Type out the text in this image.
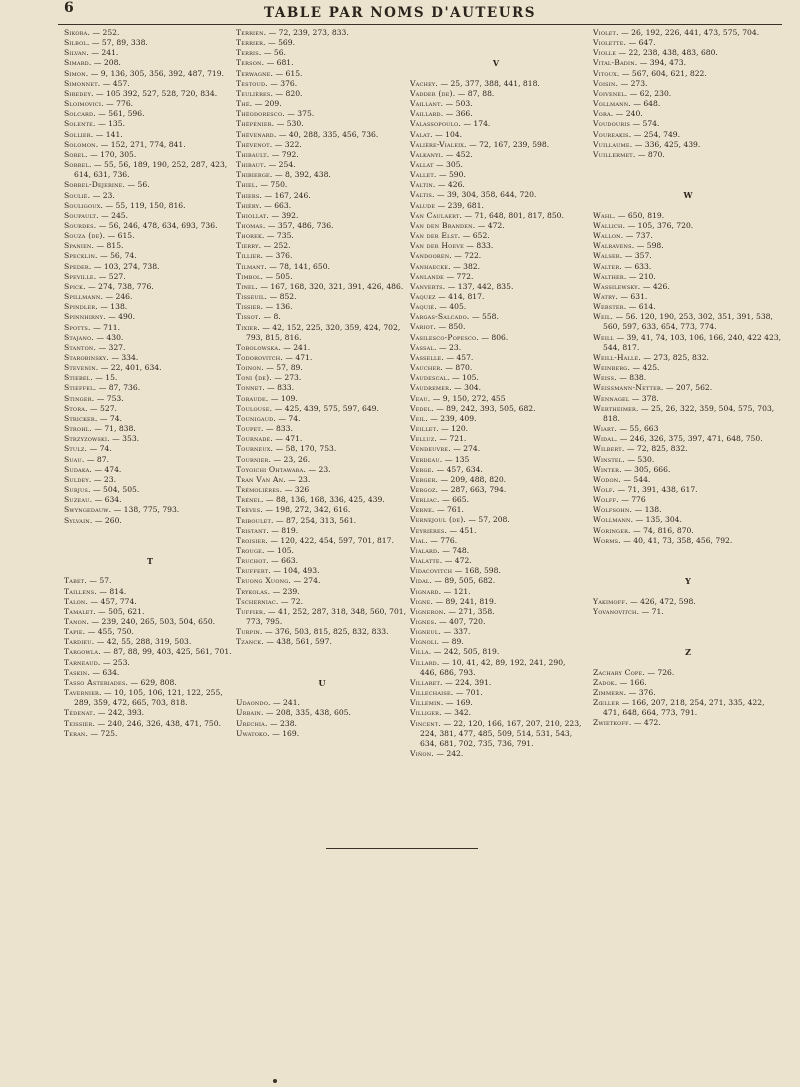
6	TABLE PAR NOMS D'AUTEURS
Sikora. — 252.
Silbol. — 57, 89, 338.
Silvan. — 241.
Simard. — 208.
Simon. — 9, 136, 305, 356, 392, 487, 719.
Simonnet. — 457.
Siredey. — 105 392, 527, 528, 720, 834.
Sloimovici. — 776.
Solcard. — 561, 596.
Solente. — 135.
Sollier. — 141.
Solomon. — 152, 271, 774, 841.
Sorel. — 170, 305.
Sorrel. — 55, 56, 189, 190, 252, 287, 423, 614, 631, 736.
Sorrel-Dejerine. — 56.
Soulié. — 23.
Souligoux. — 55, 119, 150, 816.
Soupault. — 245.
Sourdes. — 56, 246, 478, 634, 693, 736.
Souza (de). — 615.
Spanien. — 815.
Specklin. — 56, 74.
Speder. — 103, 274, 738.
Speville. — 527.
Spick. — 274, 738, 776.
Spillmann. — 246.
Spindler. — 138.
Spinnhirny. — 490.
Spotts. — 711.
Stajano. — 430.
Stanton. — 327.
Starobinsky. — 334.
Stevenin. — 22, 401, 634.
Stiebel. — 15.
Stieffel. — 87, 736.
Stinger. — 753.
Stora. — 527.
Stricker. — 74.
Strohl. — 71, 838.
Strzyzowski. — 353.
Stulz. — 74.
Suau. — 87.
Sudaka. — 474.
Suldey. — 23.
Surjus. — 504, 505.
Suzeau. — 634.
Swyngedauw. — 138, 775, 793.
Sylvain. — 260.
T
Tabet. — 57.
Taillens. — 814.
Talon. — 457, 774.
Tamalet. — 505, 621.
Tanon. — 239, 240, 265, 503, 504, 650.
Tapie. — 455, 750.
Tardieu. — 42, 55, 288, 319, 503.
Targowla. — 87, 88, 99, 403, 425, 561, 701.
Tarneaud. — 253.
Taskin. — 634.
Tasso Asteriades. — 629, 808.
Tavernier. — 10, 105, 106, 121, 122, 255, 289, 359, 472, 665, 703, 818.
Tédenat. — 242, 393.
Teissier. — 240, 246, 326, 438, 471, 750.
Teran. — 725.
Terrien. — 72, 239, 273, 833.
Terrier. — 569.
Terris. — 56.
Terson. — 681.
Terwagne. — 615.
Testoud. — 376.
Teulières. — 820.
Thé. — 209.
Théodoresco. — 375.
Thépénier. — 530.
Thévenard. — 40, 288, 335, 456, 736.
Thévenot. — 322.
Thibault. — 792.
Thibaut. — 254.
Thibierge. — 8, 392, 438.
Thiel. — 750.
Thiers. — 167, 246.
Thiéry. — 663.
Thiollat. — 392.
Thomas. — 357, 486, 736.
Thorek. — 735.
Tierry. — 252.
Tillier. — 376.
Tilmant. — 78, 141, 650.
Timbol. — 505.
Tinel. — 167, 168, 320, 321, 391, 426, 486.
Tisseuil. — 852.
Tissier. — 136.
Tissot. — 8.
Tixier. — 42, 152, 225, 320, 359, 424, 702, 793, 815, 816.
Tobolowska. — 241.
Todorovitch. — 471.
Toinon. — 57, 89.
Toni (de). — 273.
Tonnet. — 833.
Toraude. — 109.
Toulouse. — 425, 439, 575, 597, 649.
Tounigaud. — 74.
Toupet. — 833.
Tournade. — 471.
Tourneux. — 58, 170, 753.
Tournier. — 23, 26.
Toyoichi Ohtawara. — 23.
Tran Van An. — 23.
Trémolières. — 326
Trénel. — 88, 136, 168, 336, 425, 439.
Trèves. — 198, 272, 342, 616.
Triboulet. — 87, 254, 313, 561.
Tristant. — 819.
Troisier. — 120, 422, 454, 597, 701, 817.
Trouge. — 105.
Truchot. — 663.
Truffert. — 104, 493.
Truong Xuong. — 274.
Trykolas. — 239.
Tscherniac. — 72.
Tuffier. — 41, 252, 287, 318, 348, 560, 701, 773, 795.
Turpin. — 376, 503, 815, 825, 832, 833.
Tzanck. — 438, 561, 597.
U
Udaondo. — 241.
Urbain. — 208, 335, 438, 605.
Urechia. — 238.
Uwatoko. — 169.
V
Vachey. — 25, 377, 388, 441, 818.
Vadder (de). — 87, 88.
Vaillant. — 503.
Vaillard. — 366.
Valassopoulo. — 174.
Valat. — 104.
Valière-Vialeix. — 72, 167, 239, 598.
Valkanyi. — 452.
Vallat — 305.
Vallet. — 590.
Valtin. — 426.
Valtis. — 39, 304, 358, 644, 720.
Valude — 239, 681.
Van Caulaert. — 71, 648, 801, 817, 850.
Van den Branden. — 472.
Van der Elst. — 652.
Van der Hoeve — 833.
Vandooren. — 722.
Vanhaecke. — 382.
Vanlande — 772.
Vanverts. — 137, 442, 835.
Vaquez — 414, 817.
Vaquié. — 405.
Vargas-Salcado. — 558.
Variot. — 850.
Vasilesco-Popesco. — 806.
Vassal. — 23.
Vasselle. — 457.
Vaucher. — 870.
Vaudescal. — 105.
Vaudremer. — 304.
Veau. — 9, 150, 272, 455
Vedel. — 89, 242, 393, 505, 682.
Veil. — 239, 409.
Veillet. — 120.
Velluz. — 721.
Vendeuvre. — 274.
Verdeau. — 135
Verge. — 457, 634.
Verger. — 209, 488, 820.
Vergoz. — 287, 663, 794.
Verliac. — 665.
Verne. — 761.
Vernejoul (de). — 57, 208.
Veyrières. — 451.
Vial. — 776.
Vialard. — 748.
Vialatte. — 472.
Vidacovitch — 168, 598.
Vidal. — 89, 505, 682.
Vignard. — 121.
Vigne. — 89, 241, 819.
Vigneron. — 271, 358.
Vignes. — 407, 720.
Vigneul. — 337.
Vignoli. — 89.
Villa. — 242, 505, 819.
Villard. — 10, 41, 42, 89, 192, 241, 290, 446, 686, 793.
Villaret. — 224, 391.
Villechaise. — 701.
Villemin. — 169.
Villiger. — 342.
Vincent. — 22, 120, 166, 167, 207, 210, 223, 224, 381, 477, 485, 509, 514, 531, 543, 634, 681, 702, 735, 736, 791.
Viñon. — 242.
Violet. — 26, 192, 226, 441, 473, 575, 704.
Violette. — 647.
Violle — 22, 238, 438, 483, 680.
Vital-Badin. — 394, 473.
Vitoux. — 567, 604, 621, 822.
Voisin. — 273.
Voivenel. — 62, 230.
Vollmann. — 648.
Vora. — 240.
Voudouris — 574.
Voureakis. — 254, 749.
Vuillaume. — 336, 425, 439.
Vuillermet. — 870.
W
Wahl. — 650, 819.
Wallich. — 105, 376, 720.
Wallon. — 737.
Walravens. — 598.
Walser. — 357.
Walter. — 633.
Walther. — 210.
Wassilewsky. — 426.
Watry. — 631.
Webster. — 614.
Weil. — 56. 120, 190, 253, 302, 351, 391, 538, 560, 597, 633, 654, 773, 774.
Weill — 39, 41, 74, 103, 106, 166, 240, 422 423, 544, 817.
Weill-Hallé. — 273, 825, 832.
Weinberg. — 425.
Weiss. — 838.
Weissmann-Netter. — 207, 562.
Wennagel — 378.
Wertheimer. — 25, 26, 322, 359, 504, 575, 703, 818.
Wiart. — 55, 663
Widal. — 246, 326, 375, 397, 471, 648, 750.
Wilbert. — 72, 825, 832.
Winstel. — 530.
Winter. — 305, 666.
Wodon. — 544.
Wolf. — 71, 391, 438, 617.
Wolff. — 776
Wolfsohn. — 138.
Wollmann. — 135, 304.
Woringer. — 74, 816, 870.
Worms. — 40, 41, 73, 358, 456, 792.
Y
Yakimoff. — 426, 472, 598.
Yovanovitch. — 71.
Z
Zachary Cope. — 726.
Zadok. — 166.
Zimmern. — 376.
Zœller — 166, 207, 218, 254, 271, 335, 422, 471, 648, 664, 773, 791.
Zwietkoff. — 472.
